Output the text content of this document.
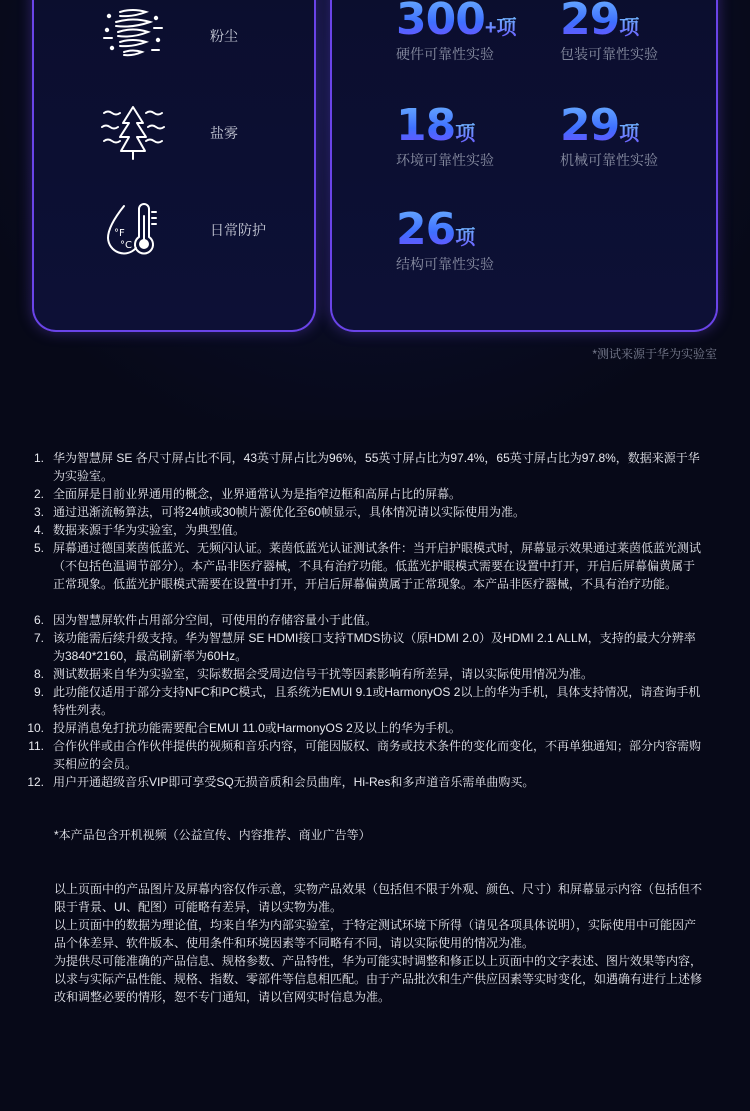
粉尘
盐雾
°F
°C
日常防护
300+项
硬件可靠性实验
29项
包装可靠性实验
18项
环境可靠性实验
29项
机械可靠性实验
26项
结构可靠性实验
*测试来源于华为实验室

1. 华为智慧屏 SE 各尺寸屏占比不同，43英寸屏占比为96%，55英寸屏占比为97.4%，65英寸屏占比为97.8%，数据来源于华为实验室。

2. 全面屏是目前业界通用的概念，业界通常认为是指窄边框和高屏占比的屏幕。

3. 通过迅渐流畅算法，可将24帧或30帧片源优化至60帧显示，具体情况请以实际使用为准。

4. 数据来源于华为实验室，为典型值。

5. 屏幕通过德国莱茵低蓝光、无频闪认证。莱茵低蓝光认证测试条件：当开启护眼模式时，屏幕显示效果通过莱茵低蓝光测试（不包括色温调节部分）。本产品非医疗器械，不具有治疗功能。低蓝光护眼模式需要在设置中打开，开启后屏幕偏黄属于正常现象。低蓝光护眼模式需要在设置中打开，开启后屏幕偏黄属于正常现象。本产品非医疗器械，不具有治疗功能。

6. 因为智慧屏软件占用部分空间，可使用的存储容量小于此值。

7. 该功能需后续升级支持。华为智慧屏 SE HDMI接口支持TMDS协议（原HDMI 2.0）及HDMI 2.1 ALLM，支持的最大分辨率为3840*2160，最高刷新率为60Hz。

8. 测试数据来自华为实验室，实际数据会受周边信号干扰等因素影响有所差异，请以实际使用情况为准。

9. 此功能仅适用于部分支持NFC和PC模式，且系统为EMUI 9.1或HarmonyOS 2以上的华为手机，具体支持情况，请查询手机特性列表。

10. 投屏消息免打扰功能需要配合EMUI 11.0或HarmonyOS 2及以上的华为手机。

11. 合作伙伴或由合作伙伴提供的视频和音乐内容，可能因版权、商务或技术条件的变化而变化，不再单独通知；部分内容需购买相应的会员。

12. 用户开通超级音乐VIP即可享受SQ无损音质和会员曲库，Hi-Res和多声道音乐需单曲购买。

*本产品包含开机视频（公益宣传、内容推荐、商业广告等）

以上页面中的产品图片及屏幕内容仅作示意，实物产品效果（包括但不限于外观、颜色、尺寸）和屏幕显示内容（包括但不限于背景、UI、配图）可能略有差异，请以实物为准。

以上页面中的数据为理论值，均来自华为内部实验室，于特定测试环境下所得（请见各项具体说明），实际使用中可能因产品个体差异、软件版本、使用条件和环境因素等不同略有不同，请以实际使用的情况为准。

为提供尽可能准确的产品信息、规格参数、产品特性，华为可能实时调整和修正以上页面中的文字表述、图片效果等内容，以求与实际产品性能、规格、指数、零部件等信息相匹配。由于产品批次和生产供应因素等实时变化，如遇确有进行上述修改和调整必要的情形，恕不专门通知，请以官网实时信息为准。
